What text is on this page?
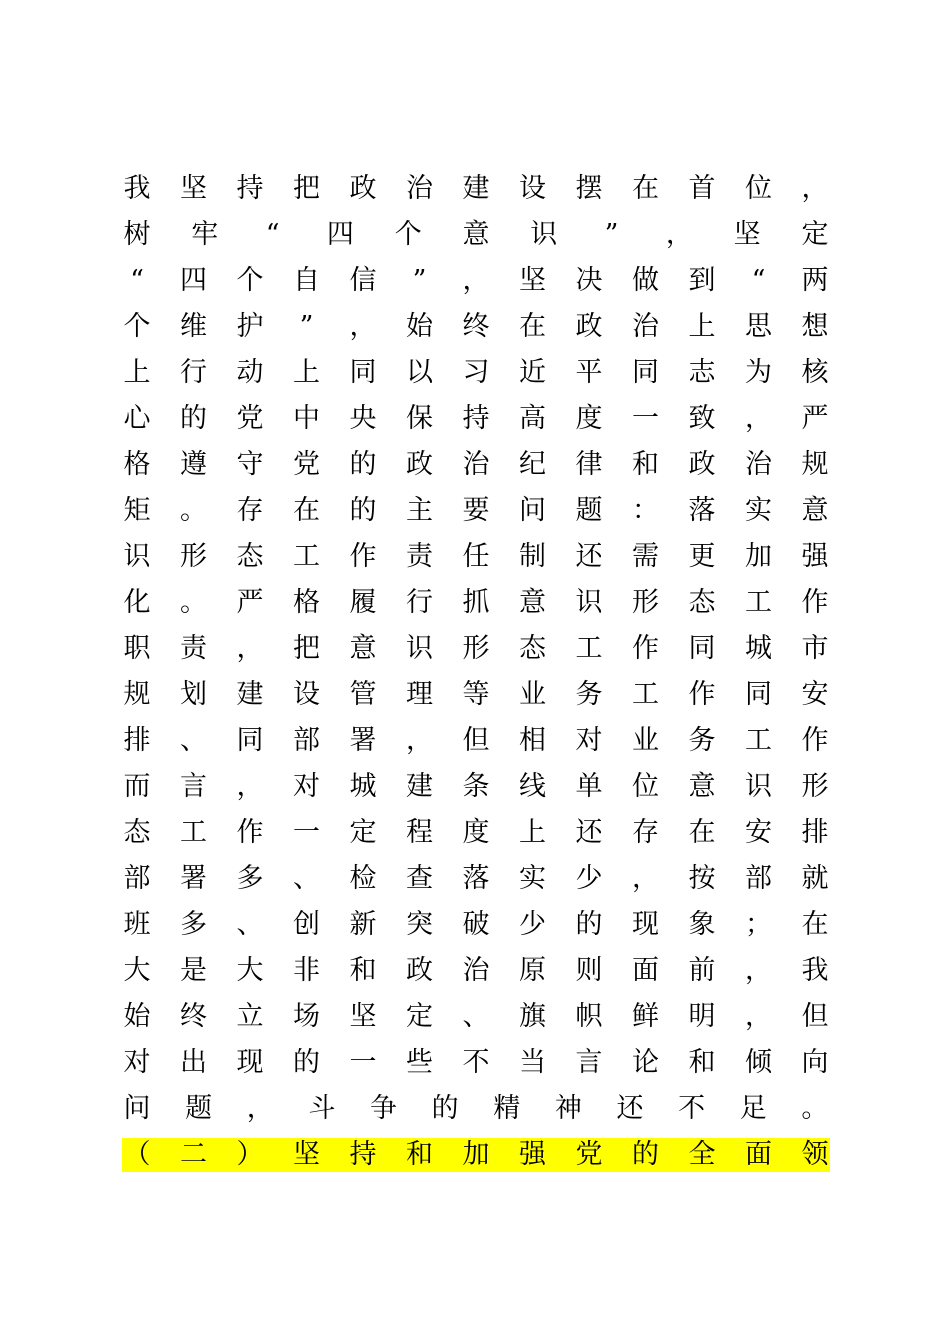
我 坚 持 把 政 治 建 设 摆 在 首 位 ，
树 牢 “ 四 个 意 识 ” ， 坚 定
“ 四 个 自 信 ” ， 坚 决 做 到 “ 两
个 维 护 ” ， 始 终 在 政 治 上 思 想
上 行 动 上 同 以 习 近 平 同 志 为 核
心 的 党 中 央 保 持 高 度 一 致 ， 严
格 遵 守 党 的 政 治 纪 律 和 政 治 规
矩 。 存 在 的 主 要 问 题 ： 落 实 意
识 形 态 工 作 责 任 制 还 需 更 加 强
化 。 严 格 履 行 抓 意 识 形 态 工 作
职 责 ， 把 意 识 形 态 工 作 同 城 市
规 划 建 设 管 理 等 业 务 工 作 同 安
排 、 同 部 署 ， 但 相 对 业 务 工 作
而 言 ， 对 城 建 条 线 单 位 意 识 形
态 工 作 一 定 程 度 上 还 存 在 安 排
部 署 多 、 检 查 落 实 少 ， 按 部 就
班 多 、 创 新 突 破 少 的 现 象 ； 在
大 是 大 非 和 政 治 原 则 面 前 ， 我
始 终 立 场 坚 定 、 旗 帜 鲜 明 ， 但
对 出 现 的 一 些 不 当 言 论 和 倾 向
问 题 ， 斗 争 的 精 神 还 不 足 。
（ 二 ） 坚 持 和 加 强 党 的 全 面 领
